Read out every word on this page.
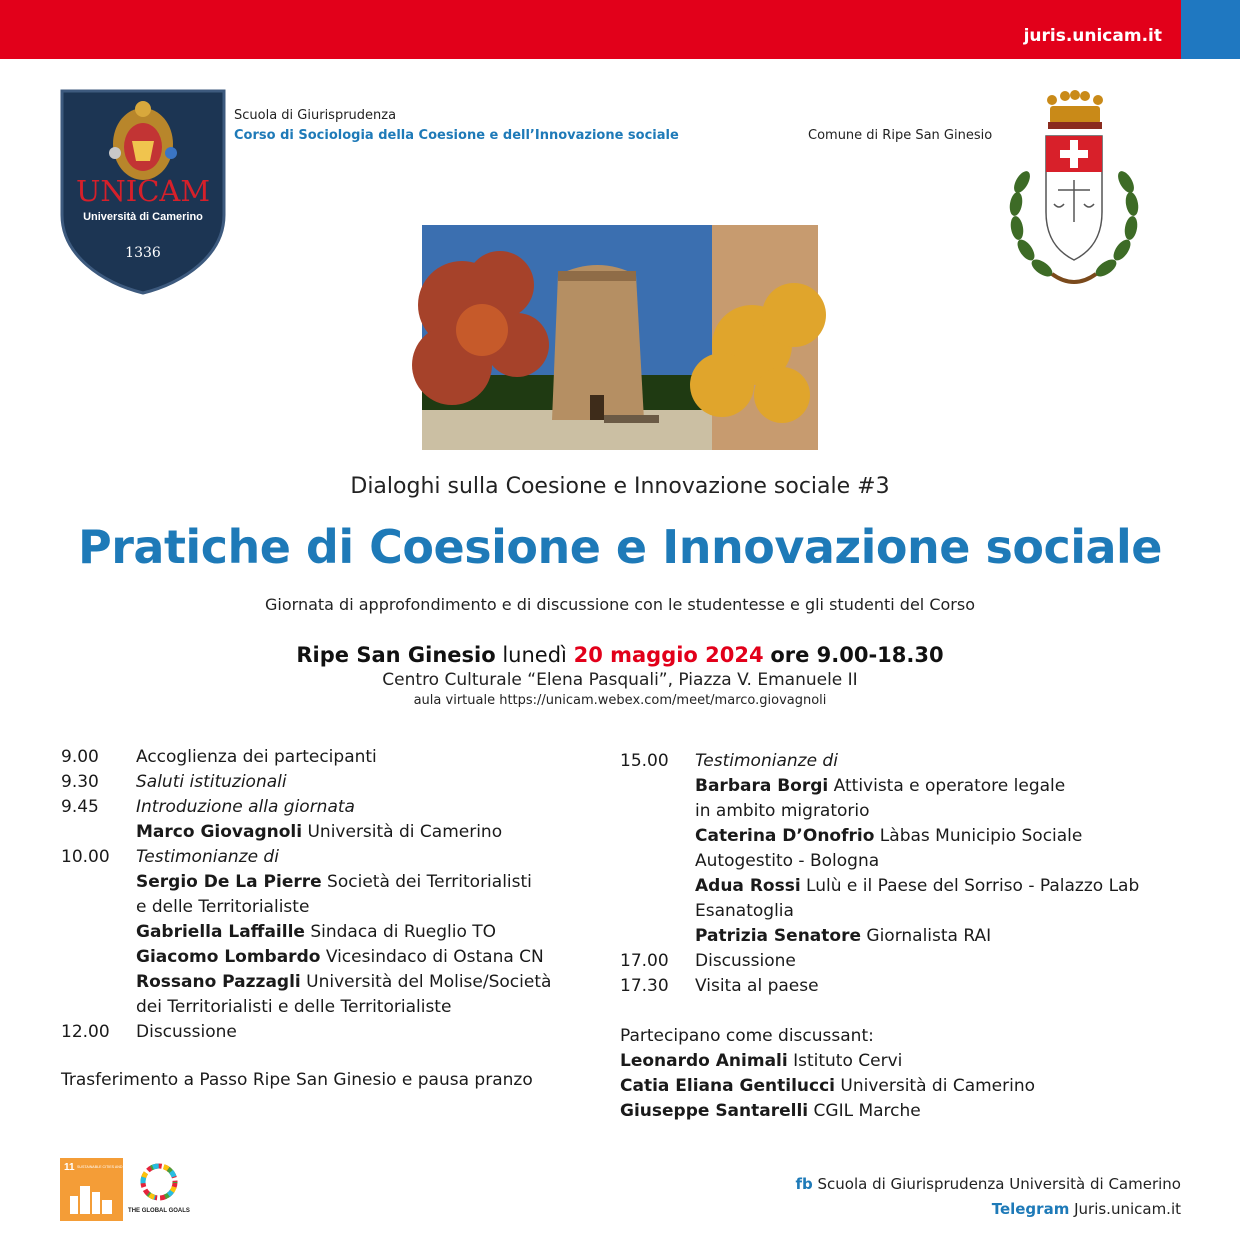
juris.unicam.it
UNICAM
Università di Camerino
1336
Scuola di Giurisprudenza
Corso di Sociologia della Coesione e dell’Innovazione sociale	Comune di Ripe San Ginesio
Dialoghi sulla Coesione e Innovazione sociale #3
Pratiche di Coesione e Innovazione sociale
Giornata di approfondimento e di discussione con le studentesse e gli studenti del Corso
Ripe San Ginesio lunedì 20 maggio 2024 ore 9.00-18.30
Centro Culturale “Elena Pasquali”, Piazza V. Emanuele II
aula virtuale https://unicam.webex.com/meet/marco.giovagnoli
9.00	Accoglienza dei partecipanti
9.30	Saluti istituzionali
9.45	Introduzione alla giornata
Marco Giovagnoli Università di Camerino
10.00	Testimonianze di
Sergio De La Pierre Società dei Territorialisti
e delle Territorialiste
Gabriella Laffaille Sindaca di Rueglio TO
Giacomo Lombardo Vicesindaco di Ostana CN
Rossano Pazzagli Università del Molise/Società
dei Territorialisti e delle Territorialiste
12.00	Discussione
Trasferimento a Passo Ripe San Ginesio e pausa pranzo
15.00	Testimonianze di
Barbara Borgi Attivista e operatore legale
in ambito migratorio
Caterina D’Onofrio Làbas Municipio Sociale
Autogestito - Bologna
Adua Rossi Lulù e il Paese del Sorriso - Palazzo Lab
Esanatoglia
Patrizia Senatore Giornalista RAI
17.00	Discussione
17.30	Visita al paese
Partecipano come discussant:
Leonardo Animali Istituto Cervi
Catia Eliana Gentilucci Università di Camerino
Giuseppe Santarelli CGIL Marche
11 SUSTAINABLE CITIES AND COMMUNITIES
THE GLOBAL GOALS
fb Scuola di Giurisprudenza Università di Camerino
Telegram Juris.unicam.it
